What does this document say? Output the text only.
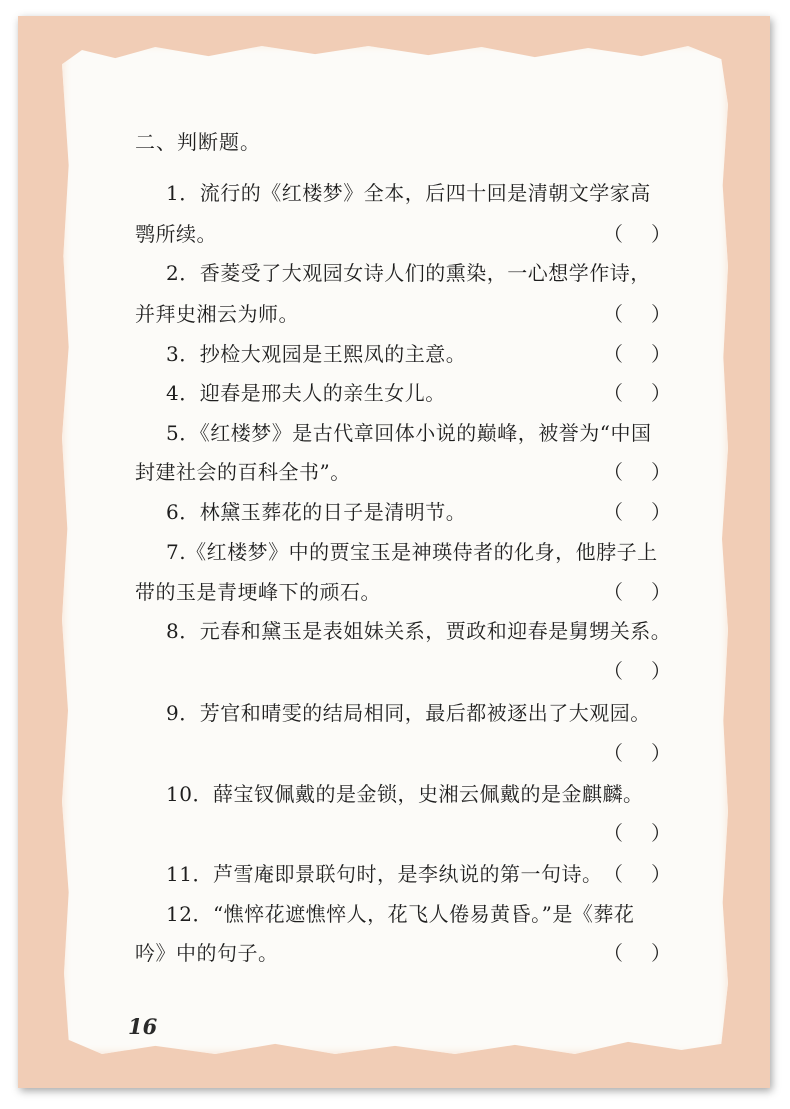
二、判断题。
1．流行的《红楼梦》全本，后四十回是清朝文学家高
鹗所续。	（）
2．香菱受了大观园女诗人们的熏染，一心想学作诗，
并拜史湘云为师。	（）
3．抄检大观园是王熙凤的主意。	（）
4．迎春是邢夫人的亲生女儿。	（）
5．《红楼梦》是古代章回体小说的巅峰，被誉为“中国
封建社会的百科全书”。	（）
6．林黛玉葬花的日子是清明节。	（）
7.《红楼梦》中的贾宝玉是神瑛侍者的化身，他脖子上
带的玉是青埂峰下的顽石。	（）
8．元春和黛玉是表姐妹关系，贾政和迎春是舅甥关系。
（）
9．芳官和晴雯的结局相同，最后都被逐出了大观园。
（）
10．薛宝钗佩戴的是金锁，史湘云佩戴的是金麒麟。
（）
11．芦雪庵即景联句时，是李纨说的第一句诗。 （）
12．“憔悴花遮憔悴人，花飞人倦易黄昏。”是《葬花
吟》中的句子。	（）
16
